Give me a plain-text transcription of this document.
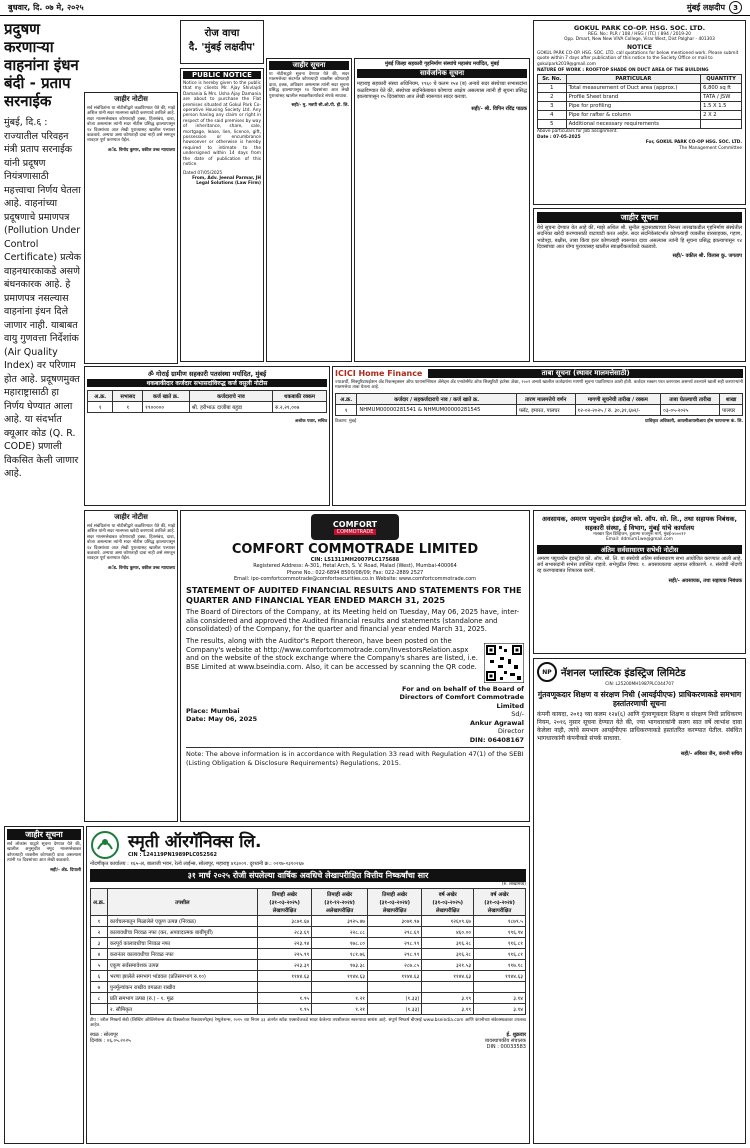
बुधवार, दि. ०७ मे, २०२५	मुंबई लक्षदीप	3
प्रदुषण करणाऱ्या वाहनांना इंधन बंदी - प्रताप सरनाईक
मुंबई, दि.६ : राज्यातील परिवहन मंत्री प्रताप सरनाईक यांनी प्रदूषण नियंत्रणासाठी महत्त्वाचा निर्णय घेतला आहे. वाहनांच्या प्रदूषणाचे प्रमाणपत्र (Pollution Under Control Certificate) प्रत्येक वाहनधारकाकडे असणे बंधनकारक आहे. हे प्रमाणपत्र नसल्यास वाहनांना इंधन दिले जाणार नाही. याबाबत वायु गुणवत्ता निर्देशांक (Air Quality Index) वर परिणाम होत आहे. प्रदूषणमुक्त महाराष्ट्रासाठी हा निर्णय घेण्यात आला आहे. या संदर्भात क्यूआर कोड (Q. R. CODE) प्रणाली विकसित केली जाणार आहे.
जाहीर नोटीस
सर्व संबंधितांना या नोटीसीद्वारे कळविण्यात येते की, माझे अशिल यांनी सदर मालमत्ता खरेदी करण्याचे ठरविले आहे. सदर मालमत्तेबाबत कोणाचाही हक्क, हितसंबंध, दावा, बोजा असल्यास त्यांनी सदर नोटीस प्रसिद्ध झाल्यापासून १४ दिवसांच्या आत लेखी पुराव्यासह खालील पत्त्यावर कळवावे. अन्यथा असा कोणताही दावा नाही असे समजून व्यवहार पूर्ण करण्यात येईल.
अॅड. विनोद कुमार, वकील उच्च न्यायालय
रोज वाचा
दै. 'मुंबई लक्षदीप'
PUBLIC NOTICE
Notice is hereby given to the public that my clients Mr. Ajay Shivlajdi Damania & Mrs. Usha Ajay Damania are about to purchase the Flat premises situated at Gokul Park Co-operative Housing Society Ltd. Any person having any claim or right in respect of the said premises by way of inheritance, share, sale, mortgage, lease, lien, licence, gift, possession or encumbrance howsoever or otherwise is hereby required to intimate to the undersigned within 14 days from the date of publication of this notice.
Dated 07/05/2025
From, Adv. Jeenal Parmar, JH Legal Solutions (Law Firm)
जाहीर सूचना
या नोटीसद्वारे सूचना देण्यात येते की, सदर मालमत्तेच्या संदर्भात कोणत्याही व्यक्तीस कोणताही दावा, हक्क, अधिकार असल्यास त्यांनी सदर सूचना प्रसिद्ध झाल्यापासून १४ दिवसांच्या आत लेखी पुराव्यांसह खालील स्वाक्षरीकर्त्याकडे संपर्क साधावा.
सही/- मु. मन्नपी सी.ओ.पी. हौ. लि.
मुंबई जिल्हा सहकारी गृहनिर्माण संस्थांचे महासंघ मर्यादित, मुंबई
सार्वजनिक सूचना
महाराष्ट्र सहकारी संस्था अधिनियम, १९६० चे कलम १५४ (ब) अन्वये सदर संस्थेच्या सभासदांना कळविण्यात येते की, संस्थेच्या सदनिकेबाबत कोणाचा आक्षेप असल्यास त्यांनी ही सूचना प्रसिद्ध झाल्यापासून १५ दिवसांच्या आत लेखी स्वरूपात सादर करावा.
सही/- श्री. विपिन रविंद्र पाठक
GOKUL PARK CO-OP. HSG. SOC. LTD.
REG. No.: PLR / 108 / HSG / (TC) / 894 / 2019-20
Opp. Dmart, New New VIVA College, Virar West, Dist Palghar - 401303
NOTICE
GOKUL PARK CO-OP. HSG. SOC. LTD. call quotations for below mentioned work. Please submit quote within 7 days after publication of this notice to the Society Office or mail to gokulpark2019@gmail.com
NATURE OF WORK : ROOFTOP SHADE ON DUCT AREA OF THE BUILDING
Sr. No.	PARTICULAR	QUANTITY
1	Total measurement of Duct area (approx.)	6,800 sq ft
2	Profile Sheet brand	TATA / JSW
3	Pipe for profiling	1.5 X 1.5
4	Pipe for rafter & column	2 X 2
5	Additional necessary requirements	
Above particulars for Job assignment.
Date : 07-05-2025
For, GOKUL PARK CO-OP HSG. SOC. LTD.
The Management Committee
जाहीर सूचना
येथे सूचना देण्यात येत आहे की, माझे अशिल श्री. सुनील मुद्रासाठ्याच्या निरुत्तर तारखांकडील गृहनिर्माण संस्थेतील सदनिका खरेदी करण्यासाठी वाटाघाटी करत आहेत. सदर सदनिकेसंदर्भात कोणत्याही व्यक्तीस वारसाहक्क, गहाण, भाडेपट्टा, बक्षीस, ताबा किंवा इतर कोणत्याही स्वरूपात दावा असल्यास त्यांनी हि सूचना प्रसिद्ध झाल्यापासून १४ दिवसांच्या आत योग्य पुराव्यासह खालील स्वाक्षरीकर्त्याकडे कळवावे.
सही/- वकील श्री. विलास कु. जगताप
ॐ गोराई ग्रामीण सहकारी पतसंस्था मर्यादित, मुंबई
थकबाकीदार कर्जदार सभासदांविरुद्ध कर्ज वसुली नोटीस
अ.क्र.	सभासद	कर्ज खाते क्र.	कर्जदाराचे नाव	थकबाकी रक्कम
१	१	१९०००००	श्री. हरीभाऊ दाजीबा बहुडा	रु.२,२१,००७
अशोक पवार, सचिव
ICICI Home Finance	ताबा सूचना (स्थावर मालमत्तेसाठी)
ज्याअर्थी, सिक्युरिटायझेशन अँड रिकन्स्ट्रक्शन ऑफ फायनान्शियल ॲसेट्स अँड एन्फोर्समेंट ऑफ सिक्युरिटी इंटरेस्ट ॲक्ट, २००२ अन्वये खालील कर्जदारांना मागणी सूचना पाठविण्यात आली होती. कर्जदार रक्कम परत करण्यास असमर्थ ठरल्याने खाली सही करणाऱ्यांनी मालमत्तेचा ताबा घेतला आहे.
अ.क्र.	कर्जदार / सहकर्जदाराचे नाव / कर्ज खाते क्र.	तारण मालमत्तेचे वर्णन	मागणी सूचनेची तारीख / रक्कम	ताबा घेतल्याची तारीख	शाखा
१	NHMUM00000281541 & NHMUM00000281545	फ्लॅट, इमारत, पालघर	१२-०२-२०२५ / रु. ३०,३१,६७२/-	०३-०५-२०२५	पालघर
ठिकाण: मुंबई	प्राधिकृत अधिकारी, आयसीआयसीआय होम फायनान्स कं. लि.
जाहीर नोटीस
सर्व संबंधितांना या नोटीसीद्वारे कळविण्यात येते की, माझे अशिल यांनी सदर मालमत्ता खरेदी करण्याचे ठरविले आहे. सदर मालमत्तेबाबत कोणाचाही हक्क, हितसंबंध, दावा, बोजा असल्यास त्यांनी सदर नोटीस प्रसिद्ध झाल्यापासून १४ दिवसांच्या आत लेखी पुराव्यासह खालील पत्त्यावर कळवावे. अन्यथा असा कोणताही दावा नाही असे समजून व्यवहार पूर्ण करण्यात येईल.
अॅड. विनोद कुमार, वकील उच्च न्यायालय
COMFORT
COMMOTRADE
COMFORT COMMOTRADE LIMITED
CIN: L51311MH2007PLC175688
Registered Address: A-301, Hetal Arch, S. V. Road, Malad (West), Mumbai-400064
Phone No.: 022-6894 8500/08/09; Fax: 022-2889 2527
Email: ipo-comfortcommotrade@comfortsecurities.co.in Website: www.comfortcommotrade.com
STATEMENT OF AUDITED FINANCIAL RESULTS AND STATEMENTS FOR THE QUARTER AND FINANCIAL YEAR ENDED MARCH 31, 2025
The Board of Directors of the Company, at its Meeting held on Tuesday, May 06, 2025 have, inter-alia considered and approved the Audited financial results and statements (standalone and consolidated) of the Company, for the quarter and financial year ended March 31, 2025.
The results, along with the Auditor's Report thereon, have been posted on the Company's website at http://www.comfortcommotrade.com/InvestorsRelation.aspx and on the website of the stock exchange where the Company's shares are listed, i.e. BSE Limited at www.bseindia.com. Also, it can be accessed by scanning the QR code.
Place: Mumbai
Date: May 06, 2025
For and on behalf of the Board of Directors of Comfort Commotrade Limited
Sd/-
Ankur Agrawal
Director
DIN: 06408167
Note: The above information is in accordance with Regulation 33 read with Regulation 47(1) of the SEBI (Listing Obligation & Disclosure Requirements) Regulations, 2015.
अवसायक, अमरण फ्युचरप्रेन इंडस्ट्रीज को. ऑप. सो. लि., तथा सहायक निबंधक, सहकारी संस्था, ई विभाग, मुंबई यांचे कार्यालय
मलबार हिल डिव्हिजन, हुतात्मा राजगुरू मार्ग, मुंबई-४०००१२
Email: ddmum1we@gmail.com
अंतिम सर्वसाधारण सभेची नोटीस
अमरण फ्युचरप्रेन इंडस्ट्रीज को. ऑप. सो. लि. या संस्थेची अंतिम सर्वसाधारण सभा आयोजित करण्यात आली आहे. सर्व सभासदांनी सभेस उपस्थित राहावे. सभेपुढील विषय: १. अवसायकाचा अहवाल स्वीकारणे. २. संस्थेची नोंदणी रद्द करण्याबाबत शिफारस करणे.
सही/- अवसायक, तथा सहायक निबंधक
NP नॅशनल प्लास्टिक इंडस्ट्रिज लिमिटेड
CIN: L25200MH1987PLC044707
गुंतवणूकदार शिक्षण व संरक्षण निधी (आयईपीएफ) प्राधिकरणाकडे समभाग हस्तांतरणाची सूचना
कंपनी कायदा, २०१३ च्या कलम १२४(६) आणि गुंतवणूकदार शिक्षण व संरक्षण निधी प्राधिकरण नियम, २०१६ नुसार सूचना देण्यात येते की, ज्या भागधारकांनी सलग सात वर्षे लाभांश दावा केलेला नाही, त्यांचे समभाग आयईपीएफ प्राधिकरणाकडे हस्तांतरित करण्यात येतील. संबंधित भागधारकांनी कंपनीकडे संपर्क साधावा.
सही/- अंबिका जैन, कंपनी सचिव
जाहीर सूचना
सर्व लोकांस याद्वारे सूचना देण्यात येते की, खालील अनुसूचीत नमूद मालमत्तेबाबत कोणत्याही व्यक्तीस कोणताही दावा असल्यास त्यांनी १४ दिवसांच्या आत लेखी कळवावे.
सही/- ॲड. दिपाली
स्मृती ऑरगॅनिक्स लि.
CIN : L24119PN1989PLC052562
नोंदणीकृत कार्यालय : १६५-अ, बालाजी भवन, रेल्वे लाईन्स, सोलापूर, महाराष्ट्र ४१३००१. दूरध्वनी क्र.: ०२१७-२३१०२६७
३१ मार्च २०२५ रोजी संपलेल्या वार्षिक अवधिचे लेखापरीक्षित वित्तीय निष्कर्षांचा सार
(रु. लाखांमध्ये)
अ.क्र.	तपशील	तिमाही अखेर (३१-०३-२०२५) लेखापरीक्षित	तिमाही अखेर (३१-१२-२०२४) अलेखापरीक्षित	तिमाही अखेर (३१-०३-२०२४) लेखापरीक्षित	वर्ष अखेर (३१-०३-२०२५) लेखापरीक्षित	वर्ष अखेर (३१-०३-२०२४) लेखापरीक्षित
१	कार्यचलनातून मिळालेले एकूण उत्पन्न (निव्वळ)	३८७१.६७	३९२५.४७	३०७१.९७	१२६०९.६७	१८७९.५
२	कालावधीचा निव्वळ नफा (कर, अपवादात्मक बाबींपूर्वी)	२८३.६९	२२८.८८	२९८.६९	४६०.००	१९६.९४
३	करपूर्व कालावधीचा निव्वळ नफा	२२३.९४	१७८.८०	२९८.९९	३१६.२८	११६.८१
४	करानंतर कालावधीचा निव्वळ नफा	२२५.९९	१८१.७६	२९८.९९	३१६.२८	११६.८१
५	एकूण सर्वसमावेशक उत्पन्न	२२३.३९	१७३.३८	२८७.८५	३२१.५३	११७.१८
६	भरणा झालेले समभाग भांडवल (प्रतिसमभाग रु.१०)	११४४.६३	११४४.६३	११४४.६३	११४४.६३	११४४.६३
७	पुनर्मूल्यांकन राखीव वगळता राखीव					
८	प्रति समभाग उत्पन्न (रु.) - १. मूळ	१.९५	१.२१	(१.३३)	३.१९	३.१४
	२. सौमिकृत	१.९५	१.२१	(१.३३)	३.१९	३.१४
टीप : वरील निष्कर्ष सेबी (लिस्टिंग ऑब्लिगेशन्स अँड डिस्क्लोजर रिक्वायरमेंट्स) रेग्युलेशन्स, २०१५ च्या नियम ३३ अंतर्गत स्टॉक एक्सचेंजकडे सादर केलेल्या तपशीलवार स्वरूपाचा सारांश आहे. संपूर्ण निष्कर्ष बीएसई www.bseindia.com आणि कंपनीच्या संकेतस्थळावर उपलब्ध आहेत.
स्थळ : सोलापूर
दिनांक : ०६.०५.२०२५
ई. शुक्रवार
व्यवस्थापकीय संचालक
DIN : 00033583
